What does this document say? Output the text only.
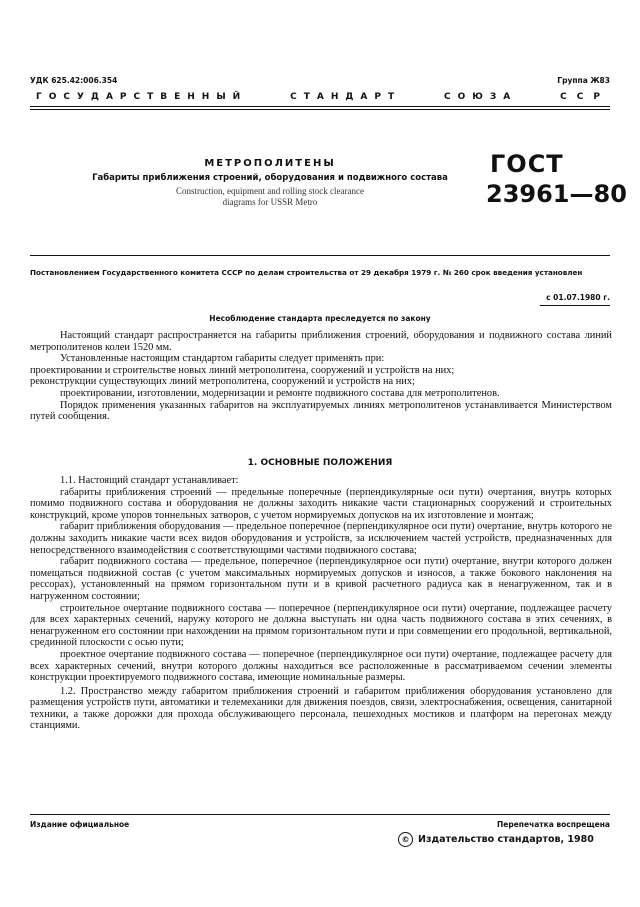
УДК 625.42:006.354	Группа Ж83
ГОСУДАРСТВЕННЫЙ	СТАНДАРТ	СОЮЗА	ССР
МЕТРОПОЛИТЕНЫ
Габариты приближения строений, оборудования и подвижного состава
Construction, equipment and rolling stock clearance
diagrams for USSR Metro
ГОСТ
23961—80
Постановлением Государственного комитета СССР по делам строительства от 29 декабря 1979 г. № 260 срок введения установлен
с 01.07.1980 г.
Несоблюдение стандарта преследуется по закону

Настоящий стандарт распространяется на габариты приближения строений, оборудования и подвижного состава линий метрополитенов колеи 1520 мм.

Установленные настоящим стандартом габариты следует применять при:

проектировании и строительстве новых линий метрополитена, сооружений и устройств на них;

реконструкции существующих линий метрополитена, сооружений и устройств на них;

проектировании, изготовлении, модернизации и ремонте подвижного состава для метрополитенов.

Порядок применения указанных габаритов на эксплуатируемых линиях метрополитенов устанавливается Министерством путей сообщения.

1. ОСНОВНЫЕ ПОЛОЖЕНИЯ

1.1. Настоящий стандарт устанавливает:

габариты приближения строений — предельные поперечные (перпендикулярные оси пути) очертания, внутрь которых помимо подвижного состава и оборудования не должны заходить никакие части стационарных сооружений и строительных конструкций, кроме упоров тоннельных затворов, с учетом нормируемых допусков на их изготовление и монтаж;

габарит приближения оборудования — предельное поперечное (перпендикулярное оси пути) очертание, внутрь которого не должны заходить никакие части всех видов оборудования и устройств, за исключением частей устройств, предназначенных для непосредственного взаимодействия с соответствующими частями подвижного состава;

габарит подвижного состава — предельное, поперечное (перпендикулярное оси пути) очертание, внутри которого должен помещаться подвижной состав (с учетом максимальных нормируемых допусков и износов, а также бокового наклонения на рессорах), установленный на прямом горизонтальном пути и в кривой расчетного радиуса как в ненагруженном, так и в нагруженном состоянии;

строительное очертание подвижного состава — поперечное (перпендикулярное оси пути) очертание, подлежащее расчету для всех характерных сечений, наружу которого не должна выступать ни одна часть подвижного состава в этих сечениях, в ненагруженном его состоянии при нахождении на прямом горизонтальном пути и при совмещении его продольной, вертикальной, срединной плоскости с осью пути;

проектное очертание подвижного состава — поперечное (перпендикулярное оси пути) очертание, подлежащее расчету для всех характерных сечений, внутри которого должны находиться все расположенные в рассматриваемом сечении элементы конструкции проектируемого подвижного состава, имеющие номинальные размеры.

1.2. Пространство между габаритом приближения строений и габаритом приближения оборудования установлено для размещения устройств пути, автоматики и телемеханики для движения поездов, связи, электроснабжения, освещения, санитарной техники, а также дорожки для прохода обслуживающего персонала, пешеходных мостиков и платформ на перегонах между станциями.

Издание официальное	Перепечатка воспрещена
© Издательство стандартов, 1980
